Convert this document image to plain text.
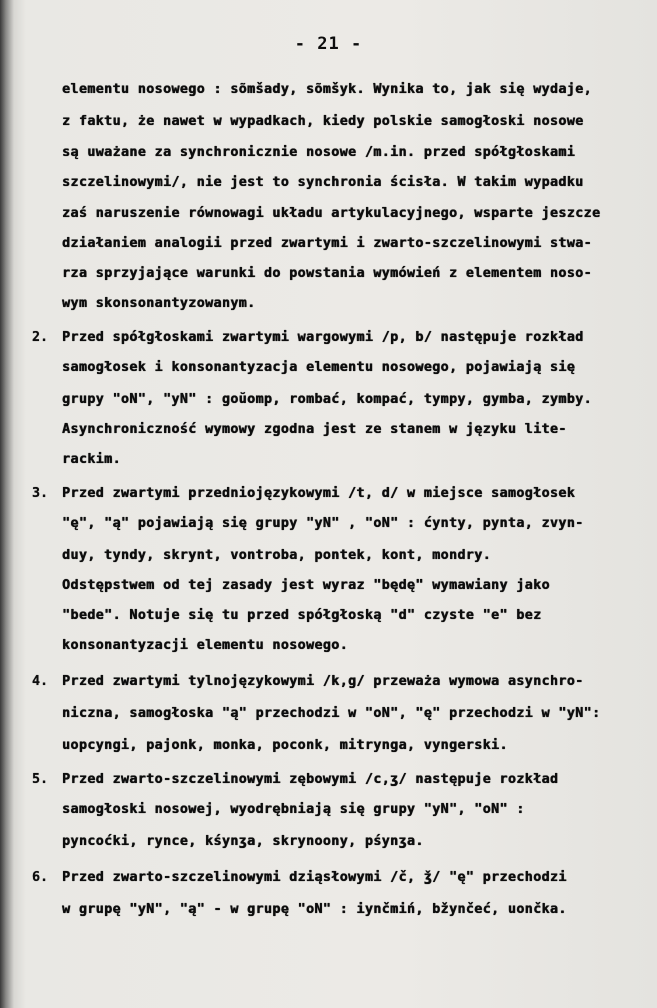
- 21 -
elementu nosowego : sõmšady, sõmšyk. Wynika to, jak się wydaje,
z faktu, że nawet w wypadkach, kiedy polskie samogłoski nosowe
są uważane za synchronicznie nosowe /m.in. przed spółgłoskami
szczelinowymi/, nie jest to synchronia ścisła. W takim wypadku
zaś naruszenie równowagi układu artykulacyjnego, wsparte jeszcze
działaniem analogii przed zwartymi i zwarto-szczelinowymi stwa-
rza sprzyjające warunki do powstania wymówień z elementem noso-
wym skonsonantyzowanym.
2. Przed spółgłoskami zwartymi wargowymi /p, b/ następuje rozkład
samogłosek i konsonantyzacja elementu nosowego, pojawiają się
grupy "oN", "yN" : goŭomp, rombać, kompać, tympy, gymba, zymby.
Asynchroniczność wymowy zgodna jest ze stanem w języku lite-
rackim.
3. Przed zwartymi przedniojęzykowymi /t, d/ w miejsce samogłosek
"ę", "ą" pojawiają się grupy "yN" , "oN" : ćynty, pynta, zvyn-
duy, tyndy, skrynt, vontroba, pontek, kont, mondry.
Odstępstwem od tej zasady jest wyraz "będę" wymawiany jako
"bede". Notuje się tu przed spółgłoską "d" czyste "e" bez
konsonantyzacji elementu nosowego.
4. Przed zwartymi tylnojęzykowymi /k,g/ przeważa wymowa asynchro-
niczna, samogłoska "ą" przechodzi w "oN", "ę" przechodzi w "yN":
uopcyngi, pajonk, monka, poconk, mitrynga, vyngerski.
5. Przed zwarto-szczelinowymi zębowymi /c,ʒ/ następuje rozkład
samogłoski nosowej, wyodrębniają się grupy "yN", "oN" :
pyncoćki, rynce, kśynʒa, skrynoony, pśynʒa.
6. Przed zwarto-szczelinowymi dziąsłowymi /č, ǯ/ "ę" przechodzi
w grupę "yN", "ą" - w grupę "oN" : iynčmiń, bžynčeć, uončka.
